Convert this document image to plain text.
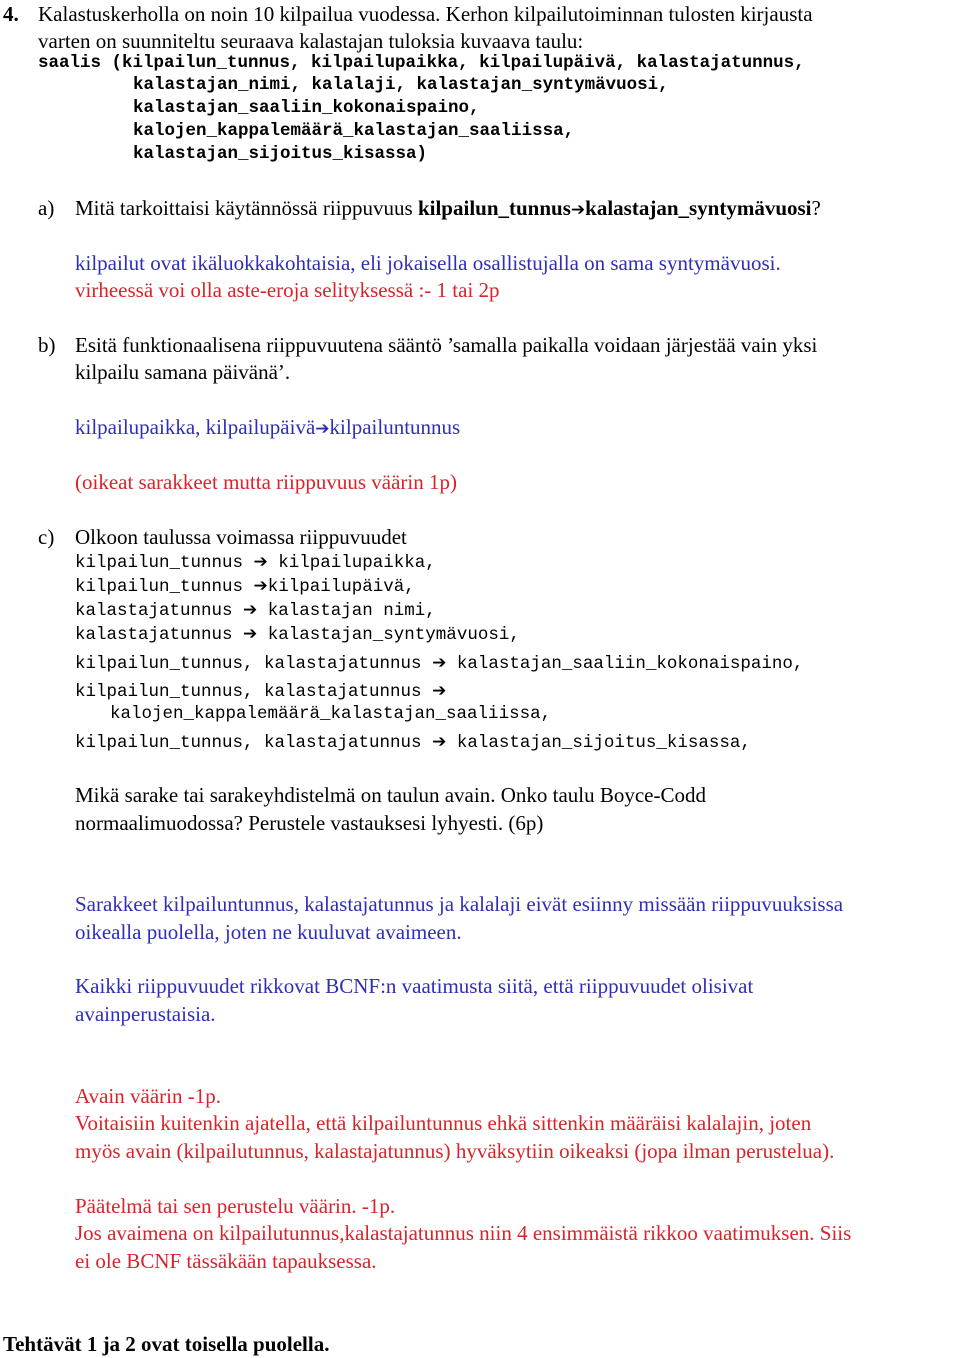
4. Kalastuskerholla on noin 10 kilpailua vuodessa. Kerhon kilpailutoiminnan tulosten kirjausta
varten on suunniteltu seuraava kalastajan tuloksia kuvaava taulu:
saalis (kilpailun_tunnus, kilpailupaikka, kilpailupäivä, kalastajatunnus,
kalastajan_nimi, kalalaji, kalastajan_syntymävuosi,
kalastajan_saaliin_kokonaispaino,
kalojen_kappalemäärä_kalastajan_saaliissa,
kalastajan_sijoitus_kisassa)
a) Mitä tarkoittaisi käytännössä riippuvuus kilpailun_tunnus➔kalastajan_syntymävuosi?
kilpailut ovat ikäluokkakohtaisia, eli jokaisella osallistujalla on sama syntymävuosi.
virheessä voi olla aste-eroja selityksessä :- 1 tai 2p
b) Esitä funktionaalisena riippuvuutena sääntö ’samalla paikalla voidaan järjestää vain yksi
kilpailu samana päivänä’.
kilpailupaikka, kilpailupäivä➔kilpailuntunnus
(oikeat sarakkeet mutta riippuvuus väärin 1p)
c) Olkoon taulussa voimassa riippuvuudet
kilpailun_tunnus ➔ kilpailupaikka,
kilpailun_tunnus ➔kilpailupäivä,
kalastajatunnus ➔ kalastajan nimi,
kalastajatunnus ➔ kalastajan_syntymävuosi,
kilpailun_tunnus, kalastajatunnus ➔ kalastajan_saaliin_kokonaispaino,
kilpailun_tunnus, kalastajatunnus ➔
kalojen_kappalemäärä_kalastajan_saaliissa,
kilpailun_tunnus, kalastajatunnus ➔ kalastajan_sijoitus_kisassa,
Mikä sarake tai sarakeyhdistelmä on taulun avain. Onko taulu Boyce-Codd
normaalimuodossa? Perustele vastauksesi lyhyesti. (6p)
Sarakkeet kilpailuntunnus, kalastajatunnus ja kalalaji eivät esiinny missään riippuvuuksissa
oikealla puolella, joten ne kuuluvat avaimeen.
Kaikki riippuvuudet rikkovat BCNF:n vaatimusta siitä, että riippuvuudet olisivat
avainperustaisia.
Avain väärin -1p.
Voitaisiin kuitenkin ajatella, että kilpailuntunnus ehkä sittenkin määräisi kalalajin, joten
myös avain (kilpailutunnus, kalastajatunnus) hyväksytiin oikeaksi (jopa ilman perustelua).
Päätelmä tai sen perustelu väärin. -1p.
Jos avaimena on kilpailutunnus,kalastajatunnus niin 4 ensimmäistä rikkoo vaatimuksen. Siis
ei ole BCNF tässäkään tapauksessa.
Tehtävät 1 ja 2 ovat toisella puolella.
